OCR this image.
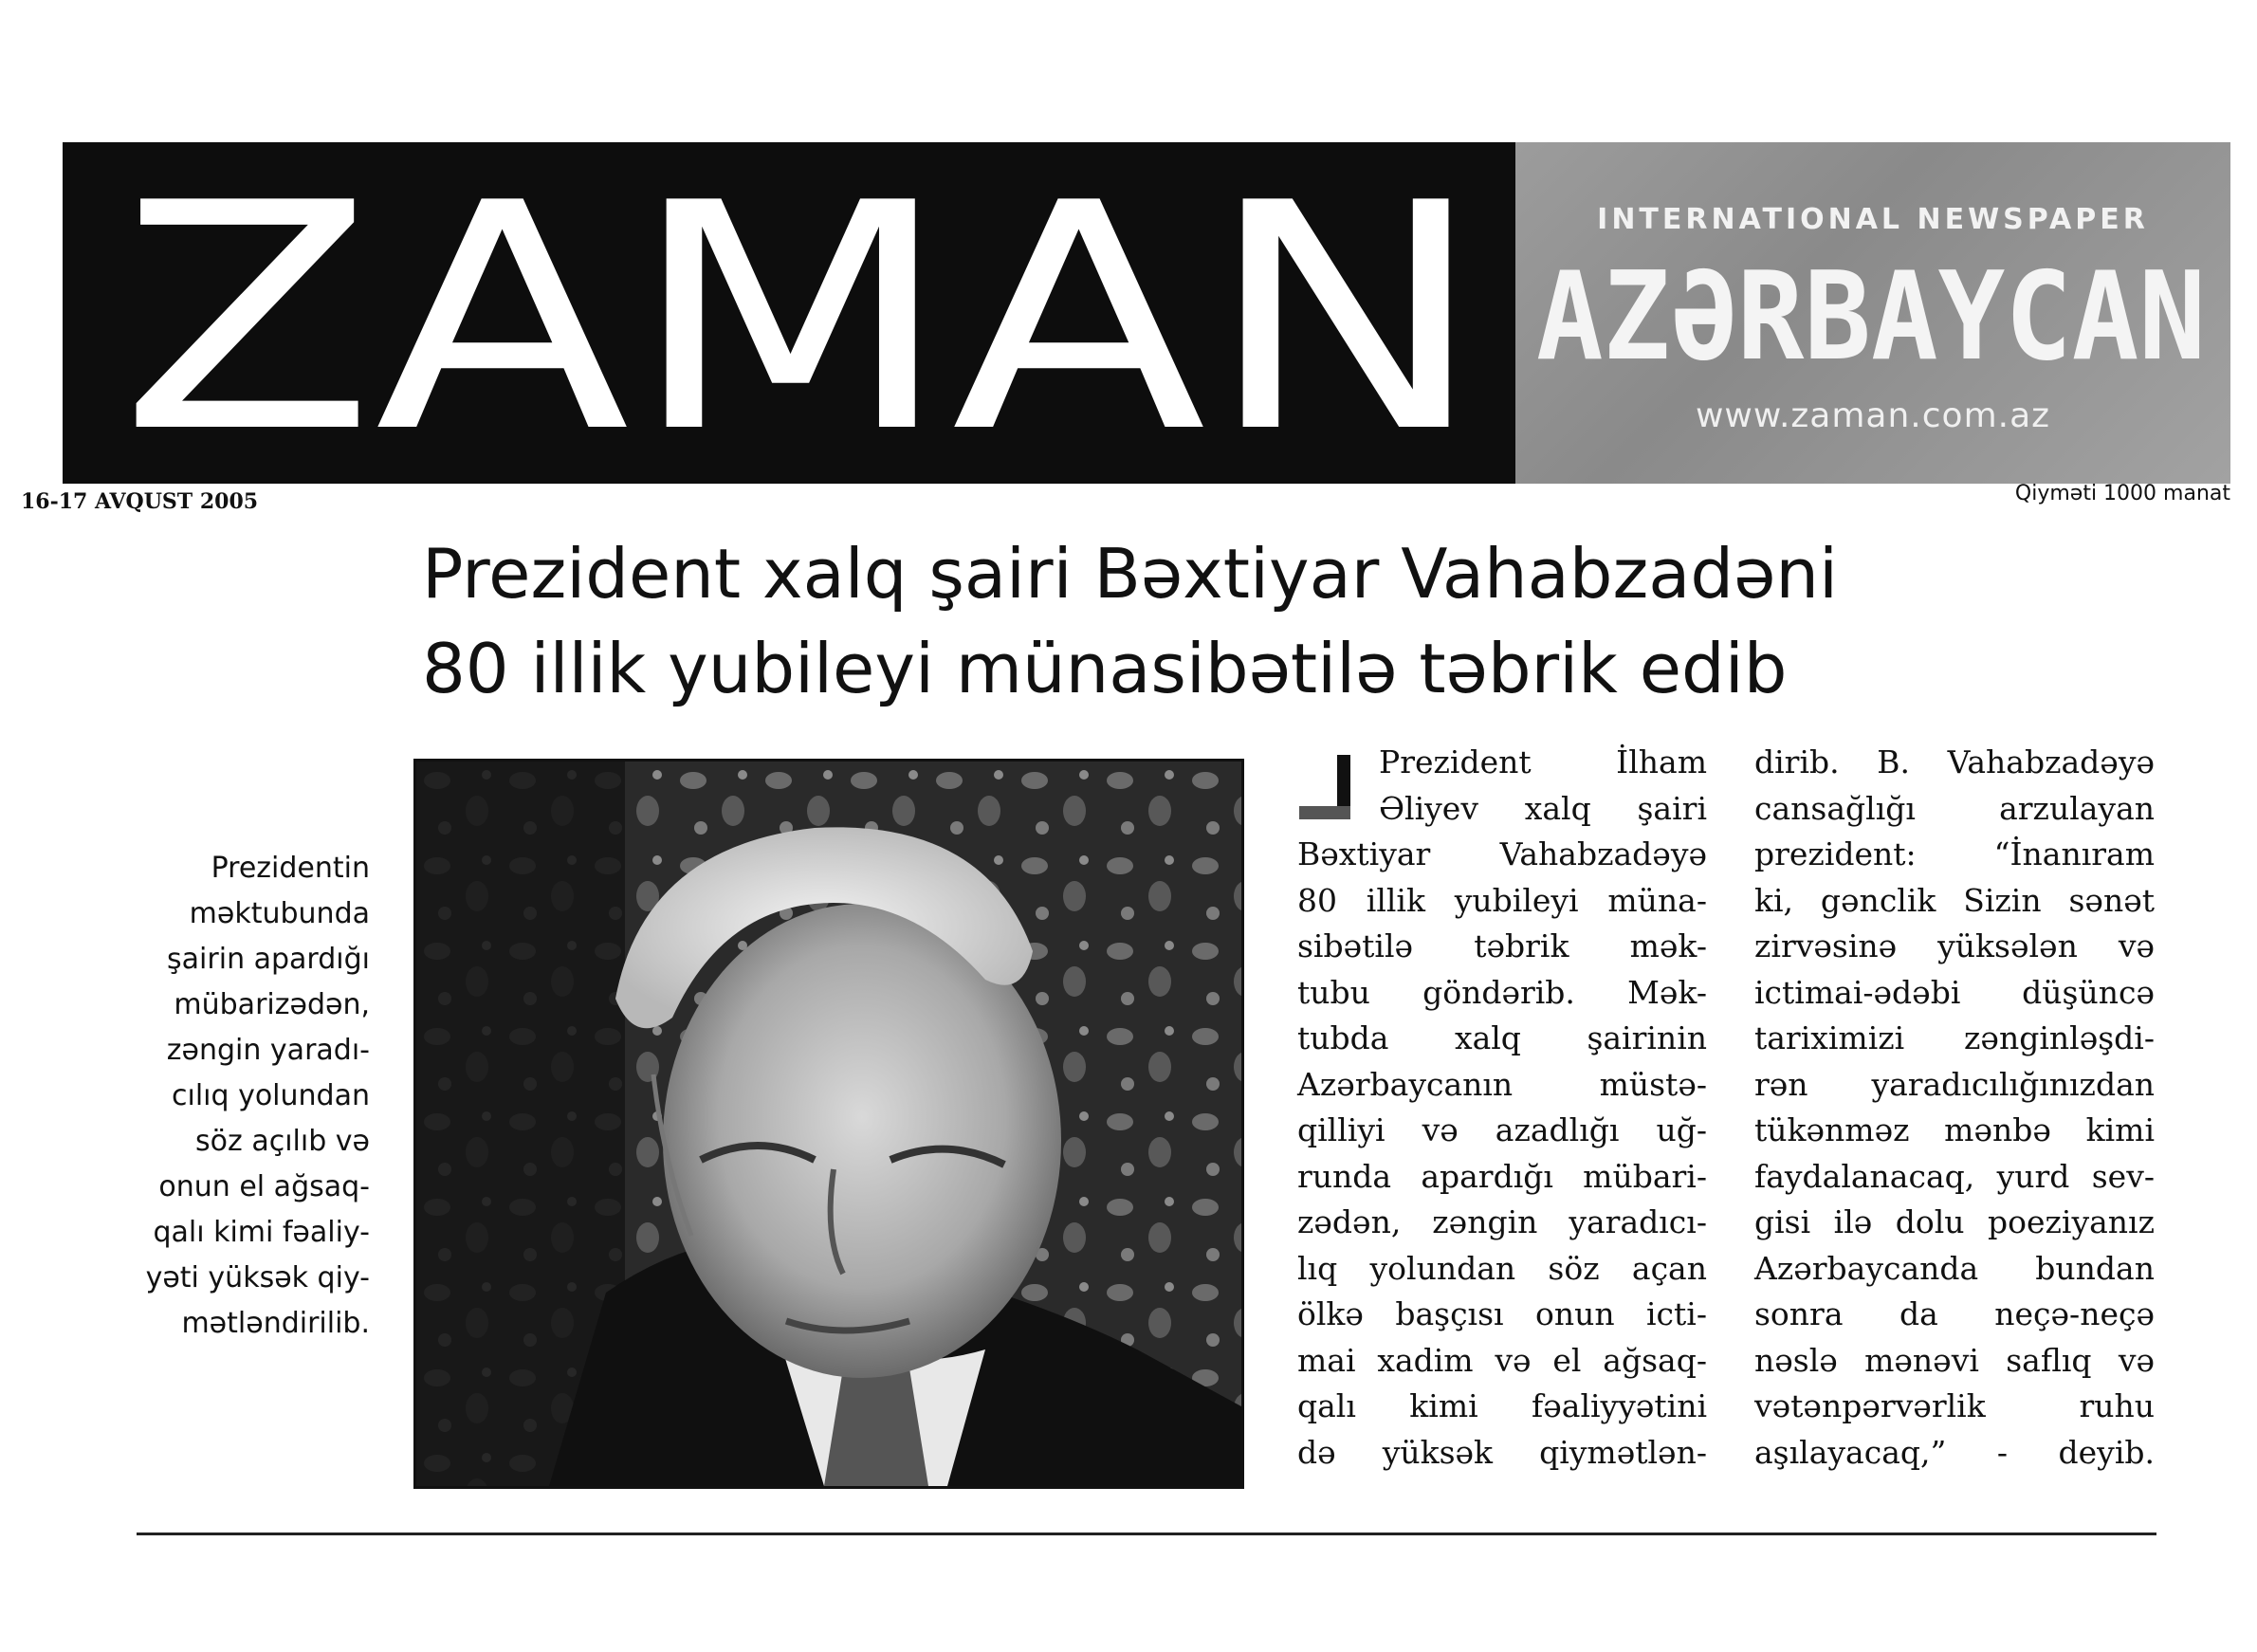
ZAMAN	INTERNATIONAL NEWSPAPER
AZƏRBAYCAN
www.zaman.com.az
16-17 AVQUST 2005	Qiyməti 1000 manat
Prezident xalq şairi Bəxtiyar Vahabzadəni
80 illik yubileyi münasibətilə təbrik edib
Prezidentin
məktubunda
şairin apardığı
mübarizədən,
zəngin yaradı-
cılıq yolundan
söz açılıb və
onun el ağsaq-
qalı kimi fəaliy-
yəti yüksək qiy-
mətləndirilib.
Prezident İlham
Əliyev xalq şairi
Bəxtiyar Vahabzadəyə
80 illik yubileyi müna-
sibətilə təbrik mək-
tubu göndərib. Mək-
tubda xalq şairinin
Azərbaycanın müstə-
qilliyi və azadlığı uğ-
runda apardığı mübari-
zədən, zəngin yaradıcı-
lıq yolundan söz açan
ölkə başçısı onun icti-
mai xadim və el ağsaq-
qalı kimi fəaliyyətini
də yüksək qiymətlən-
dirib. B. Vahabzadəyə
cansağlığı arzulayan
prezident: “İnanıram
ki, gənclik Sizin sənət
zirvəsinə yüksələn və
ictimai-ədəbi düşüncə
tariximizi zənginləşdi-
rən yaradıcılığınızdan
tükənməz mənbə kimi
faydalanacaq, yurd sev-
gisi ilə dolu poeziyanız
Azərbaycanda bundan
sonra da neçə-neçə
nəslə mənəvi saflıq və
vətənpərvərlik ruhu
aşılayacaq,” - deyib.
